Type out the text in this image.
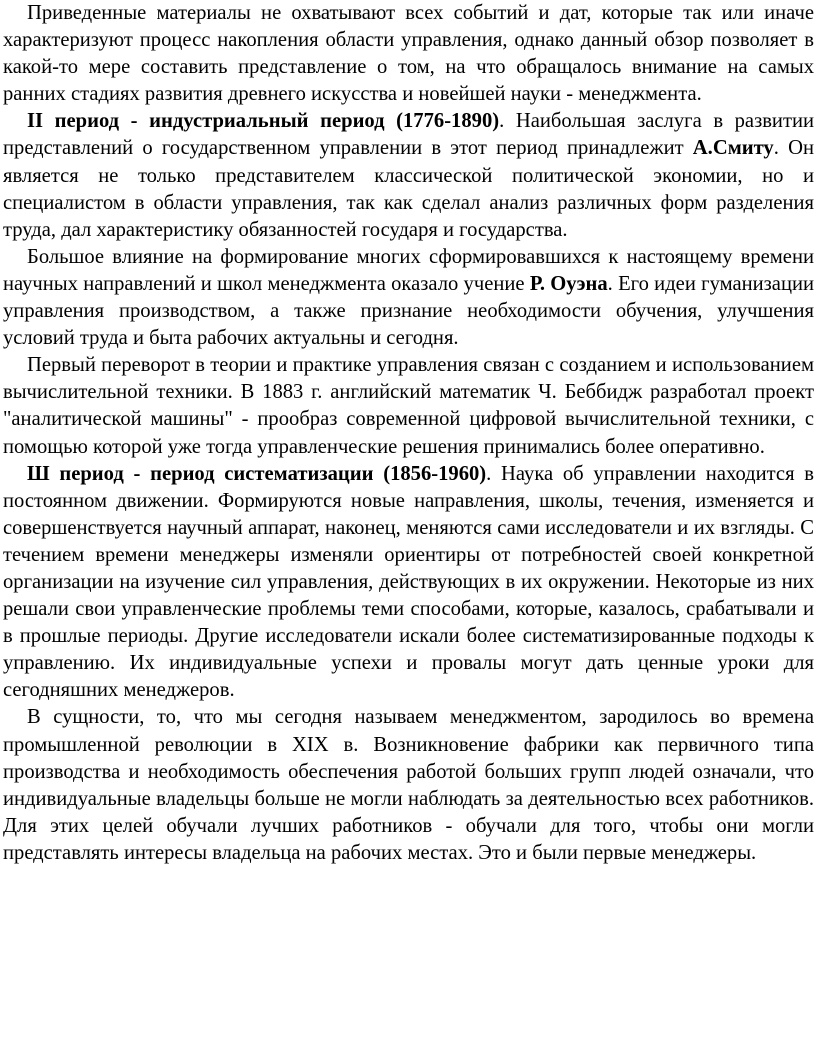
Приведенные материалы не охватывают всех событий и дат, которые так или иначе характеризуют процесс накопления области управления, однако данный обзор позволяет в какой-то мере составить представление о том, на что обращалось внимание на самых ранних стадиях развития древнего искусства и новейшей науки - менеджмента.

II период - индустриальный период (1776-1890). Наибольшая заслуга в развитии представлений о государственном управлении в этот период принадлежит А.Смиту. Он является не только представителем классической политической экономии, но и специалистом в области управления, так как сделал анализ различных форм разделения труда, дал характеристику обязанностей государя и государства.

Большое влияние на формирование многих сформировавшихся к настоящему времени научных направлений и школ менеджмента оказало учение Р. Оуэна. Его идеи гуманизации управления производством, а также признание необходимости обучения, улучшения условий труда и быта рабочих актуальны и сегодня.

Первый переворот в теории и практике управления связан с созданием и использованием вычислительной техники. В 1883 г. английский математик Ч. Беббидж разработал проект "аналитической машины" - прообраз современной цифровой вычислительной техники, с помощью которой уже тогда управленческие решения принимались более оперативно.

Ш период - период систематизации (1856-1960). Наука об управлении находится в постоянном движении. Формируются новые направления, школы, течения, изменяется и совершенствуется научный аппарат, наконец, меняются сами исследователи и их взгляды. С течением времени менеджеры изменяли ориентиры от потребностей своей конкретной организации на изучение сил управления, действующих в их окружении. Некоторые из них решали свои управленческие проблемы теми способами, которые, казалось, срабатывали и в прошлые периоды. Другие исследователи искали более систематизированные подходы к управлению. Их индивидуальные успехи и провалы могут дать ценные уроки для сегодняшних менеджеров.

В сущности, то, что мы сегодня называем менеджментом, зародилось во времена промышленной революции в XIX в. Возникновение фабрики как первичного типа производства и необходимость обеспечения работой больших групп людей означали, что индивидуальные владельцы больше не могли наблюдать за деятельностью всех работников. Для этих целей обучали лучших работников - обучали для того, чтобы они могли представлять интересы владельца на рабочих местах. Это и были первые менеджеры.
